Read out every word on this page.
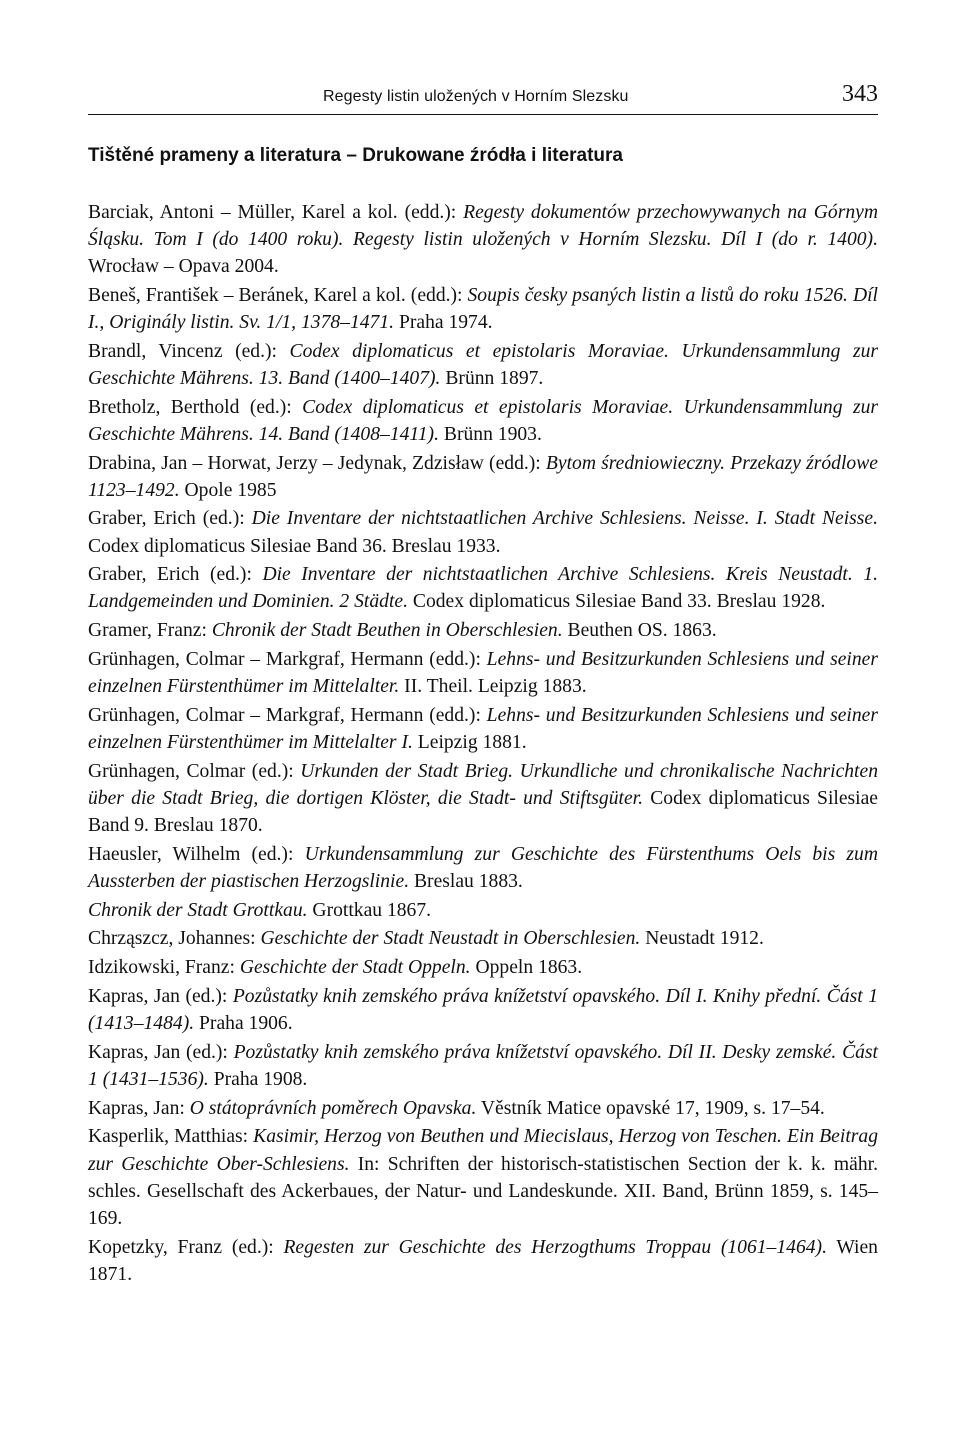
Regesty listin uložených v Horním Slezsku	343
Tištěné prameny a literatura – Drukowane źródła i literatura
Barciak, Antoni – Müller, Karel a kol. (edd.): Regesty dokumentów przechowywanych na Górnym Śląsku. Tom I (do 1400 roku). Regesty listin uložených v Horním Slezsku. Díl I (do r. 1400). Wrocław – Opava 2004.
Beneš, František – Beránek, Karel a kol. (edd.): Soupis česky psaných listin a listů do roku 1526. Díl I., Originály listin. Sv. 1/1, 1378–1471. Praha 1974.
Brandl, Vincenz (ed.): Codex diplomaticus et epistolaris Moraviae. Urkundensammlung zur Geschichte Mährens. 13. Band (1400–1407). Brünn 1897.
Bretholz, Berthold (ed.): Codex diplomaticus et epistolaris Moraviae. Urkundensammlung zur Geschichte Mährens. 14. Band (1408–1411). Brünn 1903.
Drabina, Jan – Horwat, Jerzy – Jedynak, Zdzisław (edd.): Bytom średniowieczny. Przekazy źródlowe 1123–1492. Opole 1985
Graber, Erich (ed.): Die Inventare der nichtstaatlichen Archive Schlesiens. Neisse. I. Stadt Neisse. Codex diplomaticus Silesiae Band 36. Breslau 1933.
Graber, Erich (ed.): Die Inventare der nichtstaatlichen Archive Schlesiens. Kreis Neustadt. 1. Landgemeinden und Dominien. 2 Städte. Codex diplomaticus Silesiae Band 33. Breslau 1928.
Gramer, Franz: Chronik der Stadt Beuthen in Oberschlesien. Beuthen OS. 1863.
Grünhagen, Colmar – Markgraf, Hermann (edd.): Lehns- und Besitzurkunden Schlesiens und seiner einzelnen Fürstenthümer im Mittelalter. II. Theil. Leipzig 1883.
Grünhagen, Colmar – Markgraf, Hermann (edd.): Lehns- und Besitzurkunden Schlesiens und seiner einzelnen Fürstenthümer im Mittelalter I. Leipzig 1881.
Grünhagen, Colmar (ed.): Urkunden der Stadt Brieg. Urkundliche und chronikalische Nachrichten über die Stadt Brieg, die dortigen Klöster, die Stadt- und Stiftsgüter. Codex diplomaticus Silesiae Band 9. Breslau 1870.
Haeusler, Wilhelm (ed.): Urkundensammlung zur Geschichte des Fürstenthums Oels bis zum Aussterben der piastischen Herzogslinie. Breslau 1883.
Chronik der Stadt Grottkau. Grottkau 1867.
Chrząszcz, Johannes: Geschichte der Stadt Neustadt in Oberschlesien. Neustadt 1912.
Idzikowski, Franz: Geschichte der Stadt Oppeln. Oppeln 1863.
Kapras, Jan (ed.): Pozůstatky knih zemského práva knížetství opavského. Díl I. Knihy přední. Část 1 (1413–1484). Praha 1906.
Kapras, Jan (ed.): Pozůstatky knih zemského práva knížetství opavského. Díl II. Desky zemské. Část 1 (1431–1536). Praha 1908.
Kapras, Jan: O státoprávních poměrech Opavska. Věstník Matice opavské 17, 1909, s. 17–54.
Kasperlik, Matthias: Kasimir, Herzog von Beuthen und Miecislaus, Herzog von Teschen. Ein Beitrag zur Geschichte Ober-Schlesiens. In: Schriften der historisch-statistischen Section der k. k. mähr. schles. Gesellschaft des Ackerbaues, der Natur- und Landeskunde. XII. Band, Brünn 1859, s. 145–169.
Kopetzky, Franz (ed.): Regesten zur Geschichte des Herzogthums Troppau (1061–1464). Wien 1871.
